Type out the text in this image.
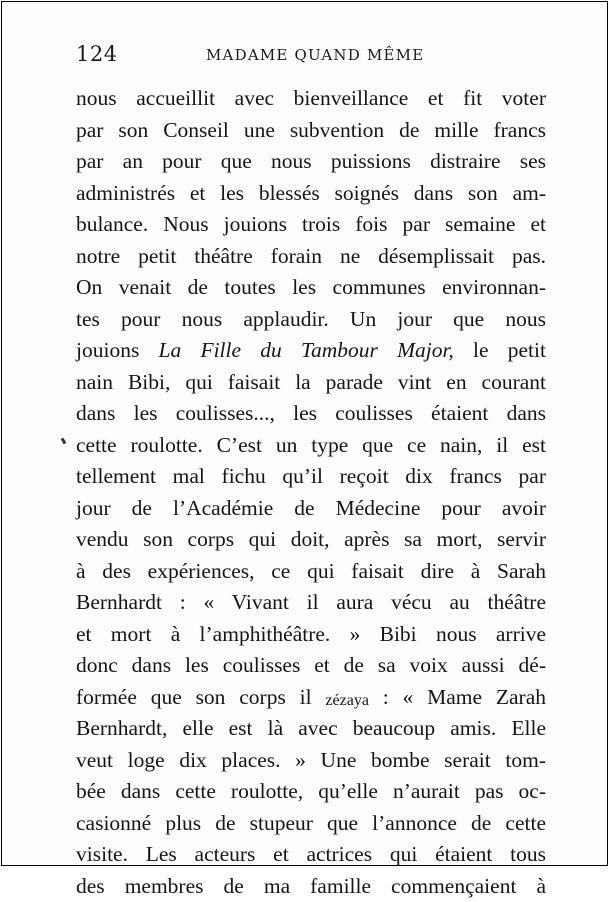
124	MADAME QUAND MÊME
nous accueillit avec bienveillance et fit voter
par son Conseil une subvention de mille francs
par an pour que nous puissions distraire ses
administrés et les blessés soignés dans son am-
bulance. Nous jouions trois fois par semaine et
notre petit théâtre forain ne désemplissait pas.
On venait de toutes les communes environnan-
tes pour nous applaudir. Un jour que nous
jouions La Fille du Tambour Major, le petit
nain Bibi, qui faisait la parade vint en courant
dans les coulisses..., les coulisses étaient dans
cette roulotte. C’est un type que ce nain, il est
tellement mal fichu qu’il reçoit dix francs par
jour de l’Académie de Médecine pour avoir
vendu son corps qui doit, après sa mort, servir
à des expériences, ce qui faisait dire à Sarah
Bernhardt : « Vivant il aura vécu au théâtre
et mort à l’amphithéâtre. » Bibi nous arrive
donc dans les coulisses et de sa voix aussi dé-
formée que son corps il zézaya : « Mame Zarah
Bernhardt, elle est là avec beaucoup amis. Elle
veut loge dix places. » Une bombe serait tom-
bée dans cette roulotte, qu’elle n’aurait pas oc-
casionné plus de stupeur que l’annonce de cette
visite. Les acteurs et actrices qui étaient tous
des membres de ma famille commençaient à
